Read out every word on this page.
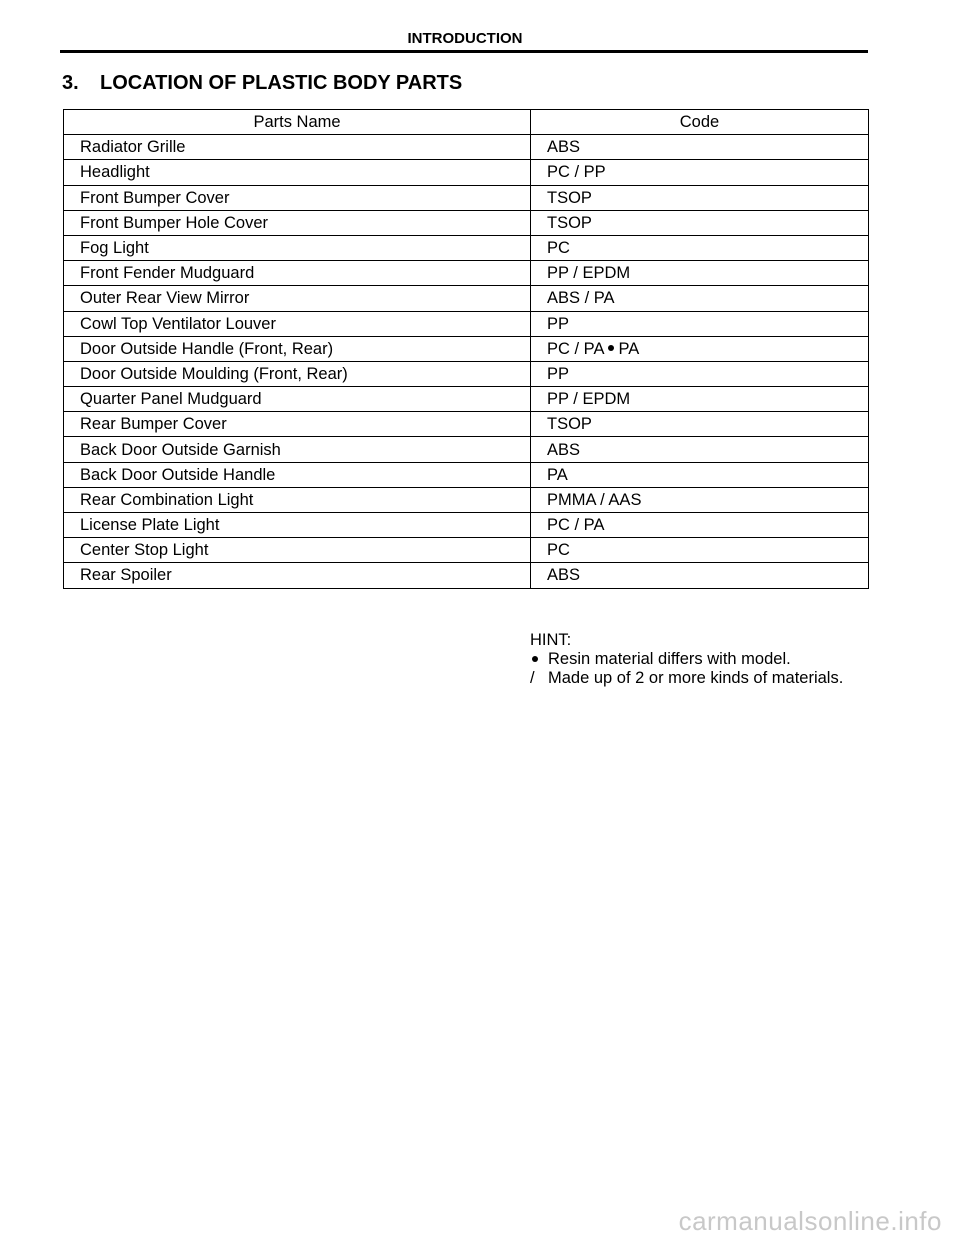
INTRODUCTION
3. LOCATION OF PLASTIC BODY PARTS
Parts Name	Code
Radiator Grille	ABS
Headlight	PC / PP
Front Bumper Cover	TSOP
Front Bumper Hole Cover	TSOP
Fog Light	PC
Front Fender Mudguard	PP / EPDM
Outer Rear View Mirror	ABS / PA
Cowl Top Ventilator Louver	PP
Door Outside Handle (Front, Rear)	PC / PA PA
Door Outside Moulding (Front, Rear)	PP
Quarter Panel Mudguard	PP / EPDM
Rear Bumper Cover	TSOP
Back Door Outside Garnish	ABS
Back Door Outside Handle	PA
Rear Combination Light	PMMA / AAS
License Plate Light	PC / PA
Center Stop Light	PC
Rear Spoiler	ABS
HINT:
Resin material differs with model.
/ Made up of 2 or more kinds of materials.
carmanualsonline.info
